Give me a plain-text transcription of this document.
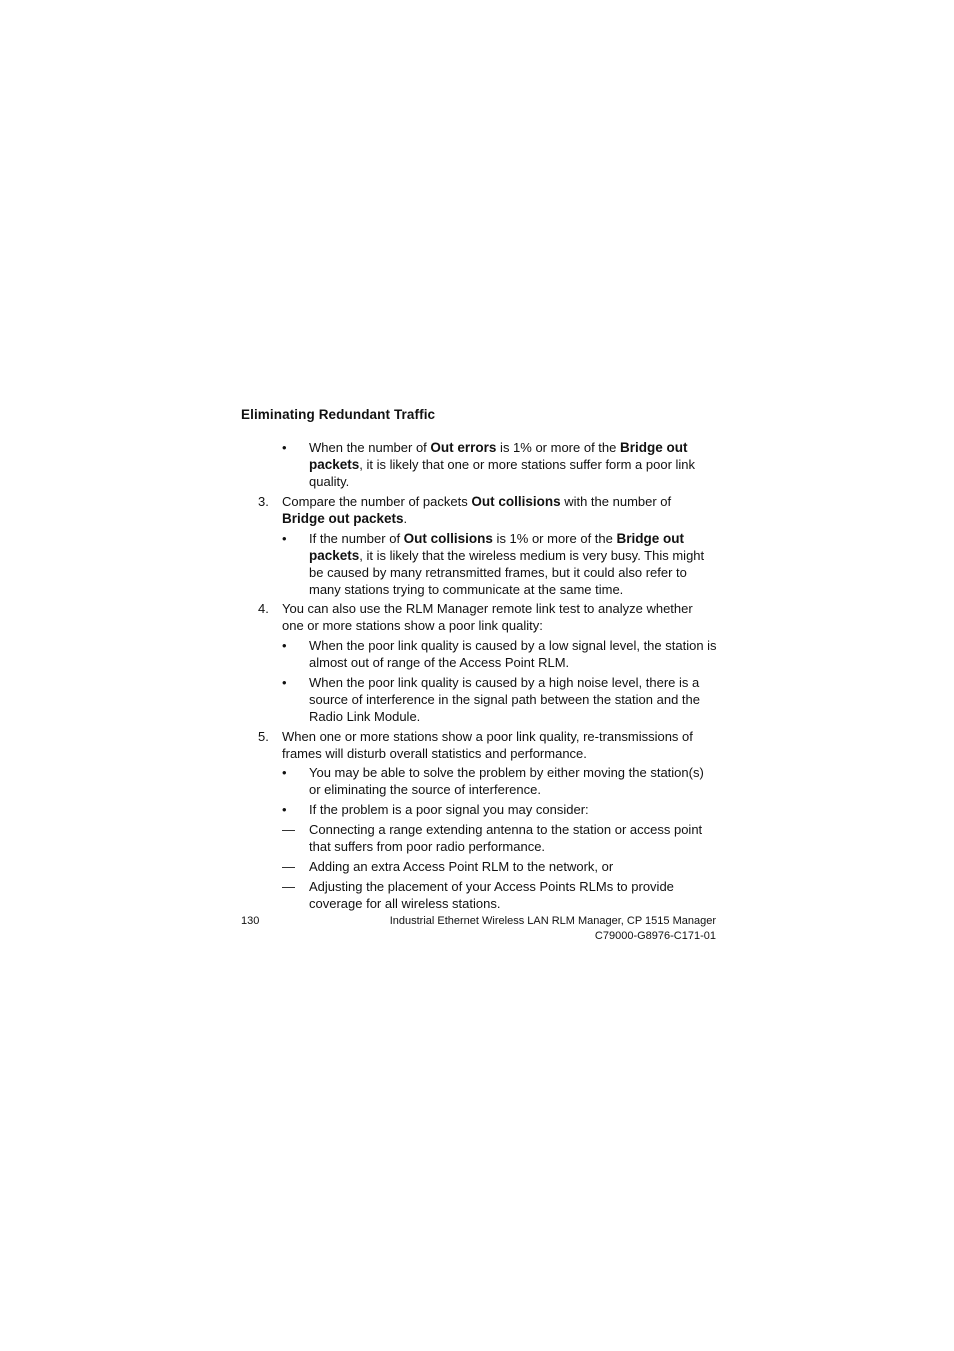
Eliminating Redundant Traffic
• When the number of Out errors is 1% or more of the Bridge out packets, it is likely that one or more stations suffer form a poor link quality.
3. Compare the number of packets Out collisions with the number of Bridge out packets.
• If the number of Out collisions is 1% or more of the Bridge out packets, it is likely that the wireless medium is very busy. This might be caused by many retransmitted frames, but it could also refer to many stations trying to communicate at the same time.
4. You can also use the RLM Manager remote link test to analyze whether one or more stations show a poor link quality:
• When the poor link quality is caused by a low signal level, the station is almost out of range of the Access Point RLM.
• When the poor link quality is caused by a high noise level, there is a source of interference in the signal path between the station and the Radio Link Module.
5. When one or more stations show a poor link quality, re-transmissions of frames will disturb overall statistics and performance.
• You may be able to solve the problem by either moving the station(s) or eliminating the source of interference.
• If the problem is a poor signal you may consider:
— Connecting a range extending antenna to the station or access point that suffers from poor radio performance.
— Adding an extra Access Point RLM to the network, or
— Adjusting the placement of your Access Points RLMs to provide coverage for all wireless stations.
130	Industrial Ethernet Wireless LAN RLM Manager, CP 1515 Manager
C79000-G8976-C171-01
